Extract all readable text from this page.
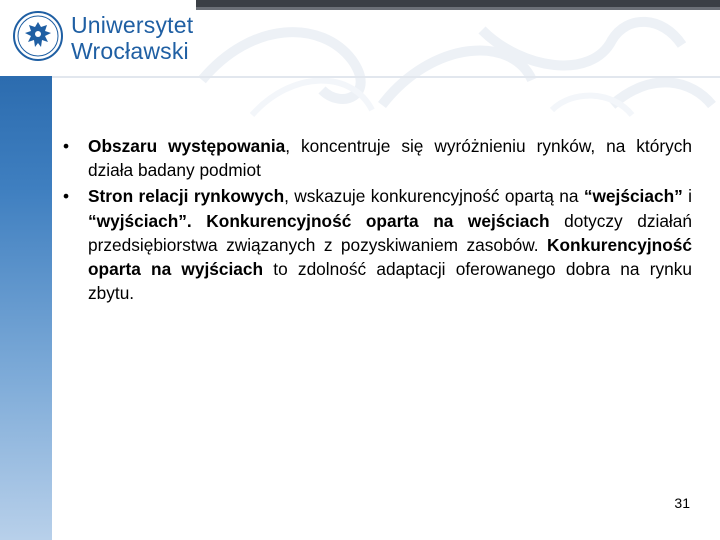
Uniwersytet
Wrocławski
• Obszaru występowania, koncentruje się wyróżnieniu rynków, na których działa badany podmiot
• Stron relacji rynkowych, wskazuje konkurencyjność opartą na “wejściach” i “wyjściach”. Konkurencyjność oparta na wejściach dotyczy działań przedsiębiorstwa związanych z pozyskiwaniem zasobów. Konkurencyjność oparta na wyjściach to zdolność adaptacji oferowanego dobra na rynku zbytu.
31
